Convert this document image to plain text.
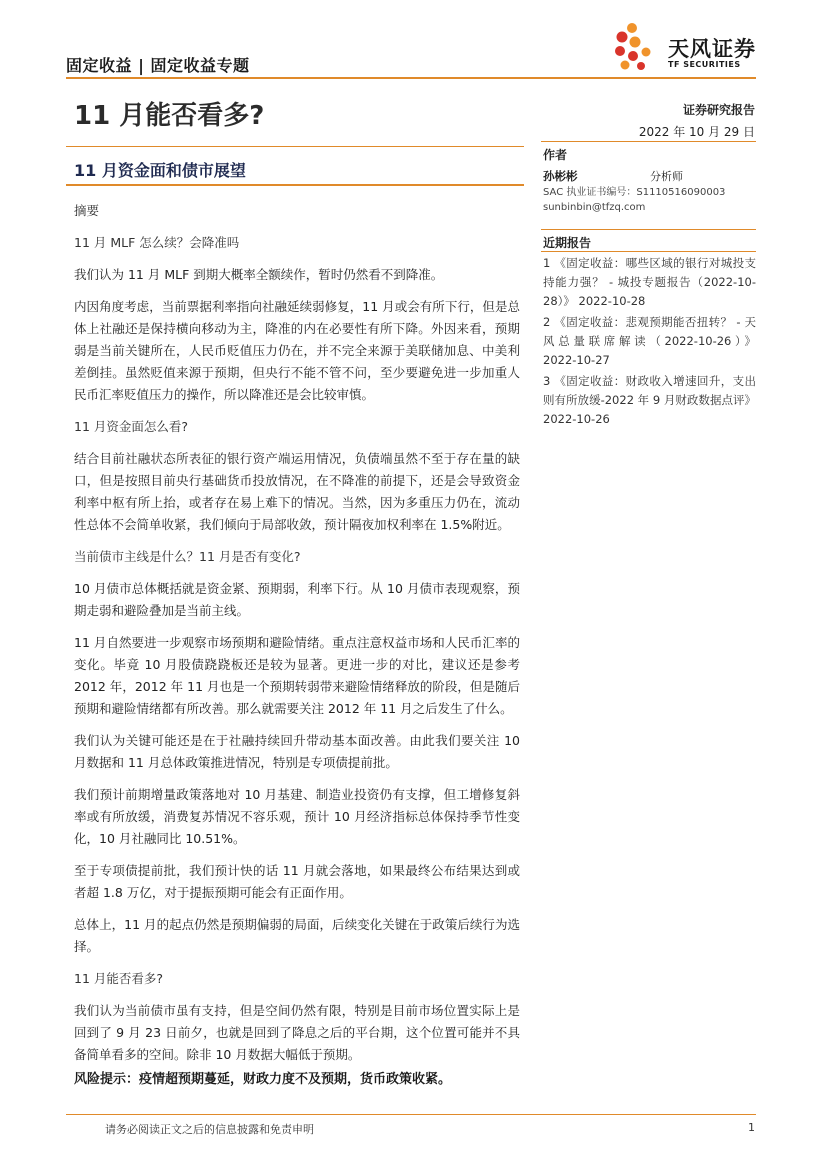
固定收益 | 固定收益专题
天风证券
TF SECURITIES
11 月能否看多?	证券研究报告
2022 年 10 月 29 日
11 月资金面和债市展望
作者
孙彬彬	分析师
SAC 执业证书编号：S1110516090003
sunbinbin@tfzq.com
近期报告
1 《固定收益：哪些区域的银行对城投支持能力强？ - 城投专题报告（2022-10-28）》 2022-10-28
2 《固定收益：悲观预期能否扭转？ - 天风总量联席解读（2022-10-26）》 2022-10-27
3 《固定收益：财政收入增速回升，支出则有所放缓-2022 年 9 月财政数据点评》 2022-10-26

摘要

11 月 MLF 怎么续？会降准吗

我们认为 11 月 MLF 到期大概率全额续作，暂时仍然看不到降准。

内因角度考虑，当前票据利率指向社融延续弱修复，11 月或会有所下行，但是总体上社融还是保持横向移动为主，降准的内在必要性有所下降。外因来看，预期弱是当前关键所在，人民币贬值压力仍在，并不完全来源于美联储加息、中美利差倒挂。虽然贬值来源于预期，但央行不能不管不问，至少要避免进一步加重人民币汇率贬值压力的操作，所以降准还是会比较审慎。

11 月资金面怎么看?

结合目前社融状态所表征的银行资产端运用情况，负债端虽然不至于存在量的缺口，但是按照目前央行基础货币投放情况，在不降准的前提下，还是会导致资金利率中枢有所上抬，或者存在易上难下的情况。当然，因为多重压力仍在，流动性总体不会简单收紧，我们倾向于局部收敛，预计隔夜加权利率在 1.5%附近。

当前债市主线是什么？11 月是否有变化?

10 月债市总体概括就是资金紧、预期弱，利率下行。从 10 月债市表现观察，预期走弱和避险叠加是当前主线。

11 月自然要进一步观察市场预期和避险情绪。重点注意权益市场和人民币汇率的变化。毕竟 10 月股债跷跷板还是较为显著。更进一步的对比，建议还是参考 2012 年，2012 年 11 月也是一个预期转弱带来避险情绪释放的阶段，但是随后预期和避险情绪都有所改善。那么就需要关注 2012 年 11 月之后发生了什么。

我们认为关键可能还是在于社融持续回升带动基本面改善。由此我们要关注 10 月数据和 11 月总体政策推进情况，特别是专项债提前批。

我们预计前期增量政策落地对 10 月基建、制造业投资仍有支撑，但工增修复斜率或有所放缓，消费复苏情况不容乐观，预计 10 月经济指标总体保持季节性变化，10 月社融同比 10.51%。

至于专项债提前批，我们预计快的话 11 月就会落地，如果最终公布结果达到或者超 1.8 万亿，对于提振预期可能会有正面作用。

总体上，11 月的起点仍然是预期偏弱的局面，后续变化关键在于政策后续行为选择。

11 月能否看多?

我们认为当前债市虽有支持，但是空间仍然有限，特别是目前市场位置实际上是回到了 9 月 23 日前夕，也就是回到了降息之后的平台期，这个位置可能并不具备简单看多的空间。除非 10 月数据大幅低于预期。

风险提示：疫情超预期蔓延，财政力度不及预期，货币政策收紧。
请务必阅读正文之后的信息披露和免责申明	1
